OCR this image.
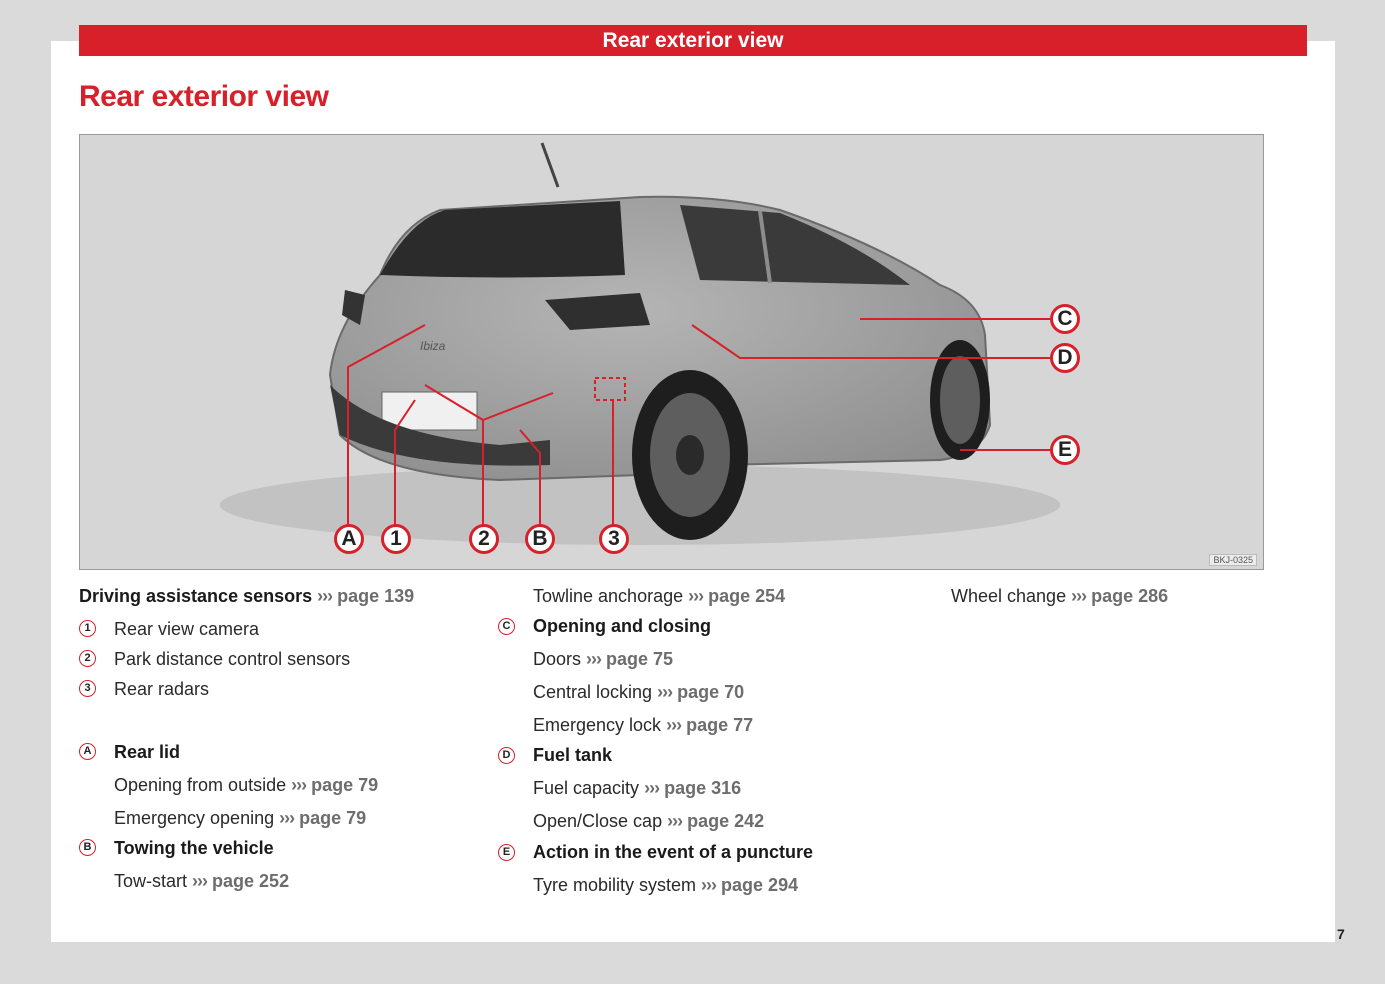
Rear exterior view
Rear exterior view
Ibiza
A	1	2	B	3
C
D
E
BKJ-0325
Driving assistance sensors ››› page 139
1	Rear view camera
2	Park distance control sensors
3	Rear radars
A Rear lid
Opening from outside ››› page 79
Emergency opening ››› page 79
B Towing the vehicle
Tow-start ››› page 252
Towline anchorage ››› page 254
C Opening and closing
Doors ››› page 75
Central locking ››› page 70
Emergency lock ››› page 77
D Fuel tank
Fuel capacity ››› page 316
Open/Close cap ››› page 242
E Action in the event of a puncture
Tyre mobility system ››› page 294
Wheel change ››› page 286
7
